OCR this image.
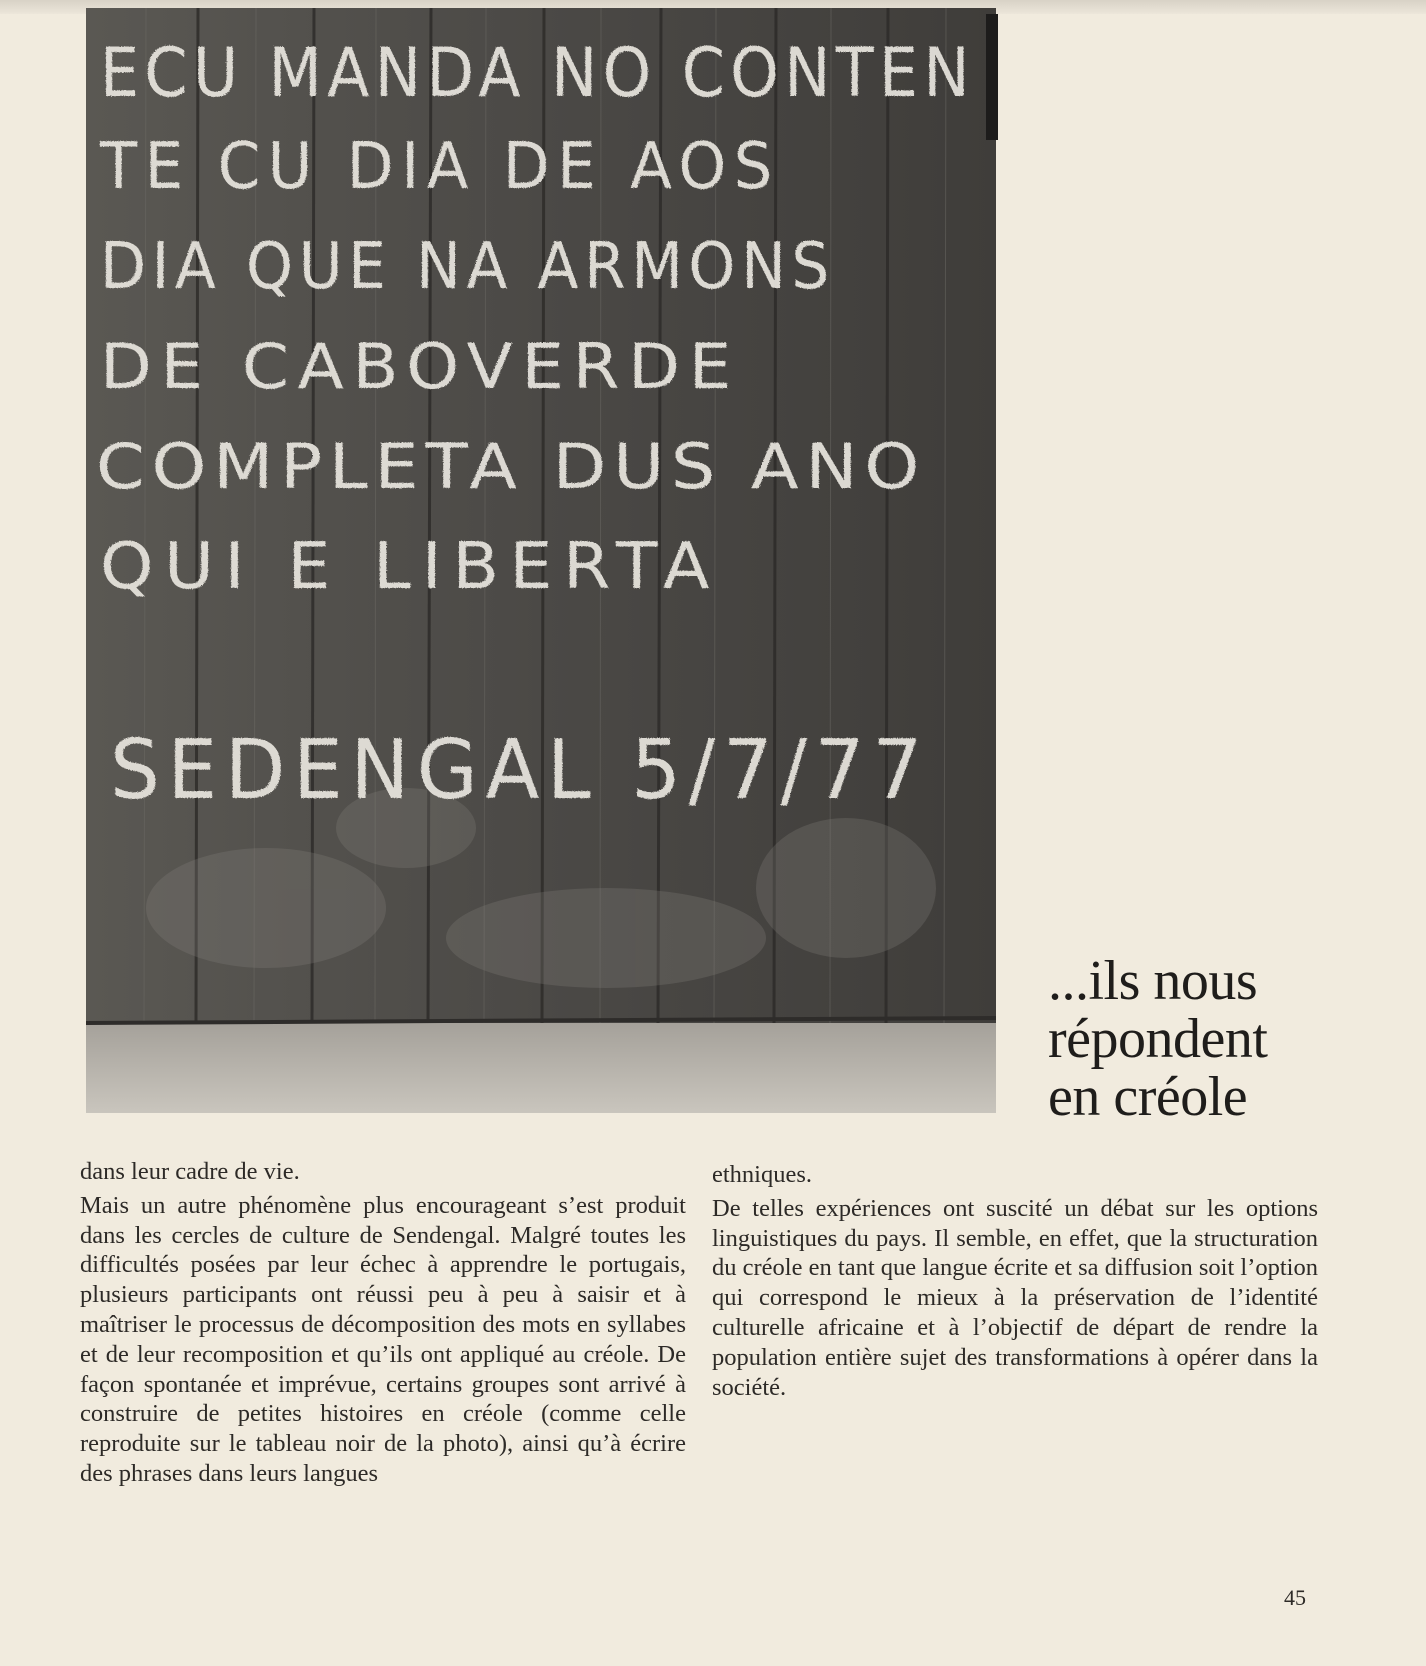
ECU MANDA NO CONTEN
TE CU DIA DE AOS
DIA QUE NA ARMONS
DE CABOVERDE
COMPLETA DUS ANO
QUI E LIBERTA
SEDENGAL 5/7/77
...ils nous
répondent
en créole

dans leur cadre de vie.

Mais un autre phénomène plus encourageant s’est produit dans les cercles de culture de Sendengal. Malgré toutes les difficultés posées par leur échec à apprendre le portugais, plusieurs participants ont réussi peu à peu à saisir et à maîtriser le processus de décomposition des mots en syllabes et de leur recomposition et qu’ils ont appliqué au créole. De façon spontanée et imprévue, certains groupes sont arrivé à construire de petites histoires en créole (comme celle reproduite sur le tableau noir de la photo), ainsi qu’à écrire des phrases dans leurs langues

ethniques.

De telles expériences ont suscité un débat sur les options linguistiques du pays. Il semble, en effet, que la structuration du créole en tant que langue écrite et sa diffusion soit l’option qui correspond le mieux à la préservation de l’identité culturelle africaine et à l’objectif de départ de rendre la population entière sujet des transformations à opérer dans la société.

45
